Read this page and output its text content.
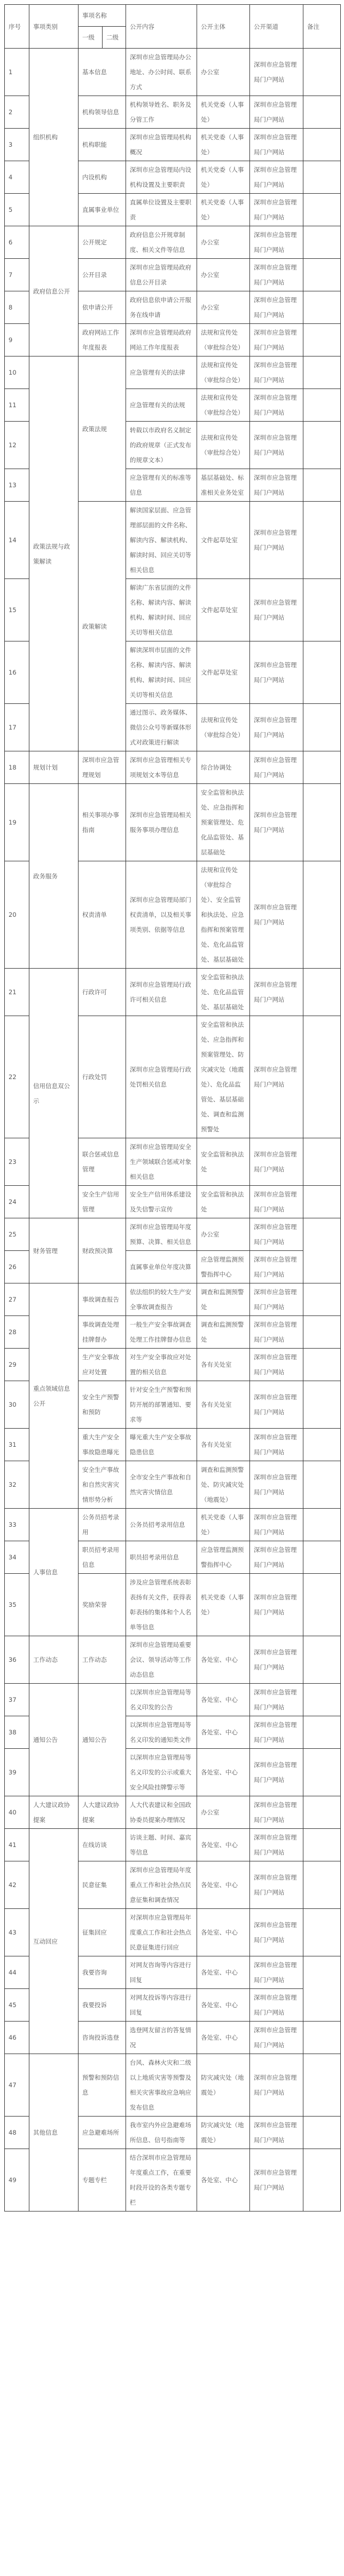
序号	事项类别	事项名称		公开内容	公开主体	公开渠道	备注
		一级	二级				
1	组织机构	基本信息		深圳市应急管理局办公地址、办公时间、联系方式	办公室	深圳市应急管理局门户网站	
2		机构领导信息		机构领导姓名、职务及分管工作	机关党委（人事处）	深圳市应急管理局门户网站	
3		机构职能		深圳市应急管理局机构概况	机关党委（人事处）	深圳市应急管理局门户网站	
4		内设机构		深圳市应急管理局内设机构设置及主要职责	机关党委（人事处）	深圳市应急管理局门户网站	
5		直属事业单位		直属单位设置及主要职责	机关党委（人事处）	深圳市应急管理局门户网站	
6	政府信息公开	公开规定		政府信息公开规章制度、相关文件等信息	办公室	深圳市应急管理局门户网站	
7		公开目录		深圳市应急管理局政府信息公开目录	办公室	深圳市应急管理局门户网站	
8		依申请公开		政府信息依申请公开服务在线申请	办公室	深圳市应急管理局门户网站	
9		政府网站工作年度报表		深圳市应急管理局政府网站工作年度报表	法规和宣传处（审批综合处）	深圳市应急管理局门户网站	
10	政策法规与政策解读	政策法规		应急管理有关的法律	法规和宣传处（审批综合处）	深圳市应急管理局门户网站	
11				应急管理有关的法规	法规和宣传处（审批综合处）	深圳市应急管理局门户网站	
12				转载以市政府名义制定的政府规章（正式发布的规章文本）	法规和宣传处（审批综合处）	深圳市应急管理局门户网站	
13				应急管理有关的标准等信息	基层基础处、标准相关业务处室	深圳市应急管理局门户网站	
14		政策解读		解读国家层面、应急管理部层面的文件名称、解读内容、解读机构、解读时间、回应关切等相关信息	文件起草处室	深圳市应急管理局门户网站	
15				解读广东省层面的文件名称、解读内容、解读机构、解读时间、回应关切等相关信息	文件起草处室	深圳市应急管理局门户网站	
16				解读深圳市层面的文件名称、解读内容、解读机构、解读时间、回应关切等相关信息	文件起草处室	深圳市应急管理局门户网站	
17				通过图示、政务媒体、微信公众号等新媒体形式对政策进行解读	法规和宣传处（审批综合处）	深圳市应急管理局门户网站	
18	规划计划	深圳市应急管理规划		深圳市应急管理相关专项规划文本等信息	综合协调处	深圳市应急管理局门户网站	
19	政务服务	相关事项办事指南		深圳市应急管理局相关服务事项办理信息	安全监管和执法处、应急指挥和预案管理处、危化品监管处、基层基础处	深圳市应急管理局门户网站	
20		权责清单		深圳市应急管理局部门权责清单，以及相关事项类别、依据等信息	法规和宣传处（审批综合处）、安全监管和执法处、应急指挥和预案管理处、危化品监管处、基层基础处	深圳市应急管理局门户网站	
21	信用信息双公示	行政许可		深圳市应急管理局行政许可相关信息	安全监管和执法处、危化品监管处、基层基础处	深圳市应急管理局门户网站	
22		行政处罚		深圳市应急管理局行政处罚相关信息	安全监管和执法处、应急指挥和预案管理处、防灾减灾处（地震处）、危化品监管处、基层基础处、调查和监测预警处	深圳市应急管理局门户网站	
23		联合惩戒信息管理		深圳市应急管理局安全生产领域联合惩戒对象相关信息	安全监管和执法处	深圳市应急管理局门户网站	
24		安全生产信用管理		安全生产信用体系建设及失信警示宣传	安全监管和执法处	深圳市应急管理局门户网站	
25	财务管理	财政预决算		深圳市应急管理局年度预算、决算、相关信息	办公室	深圳市应急管理局门户网站	
26				直属事业单位年度决算	应急管理监测预警指挥中心	深圳市应急管理局门户网站	
27	重点领域信息公开	事故调查报告		依法组织的较大生产安全事故调查报告	调查和监测预警处	深圳市应急管理局门户网站	
28		事故调查处理挂牌督办		一般生产安全事故调查处理工作挂牌督办信息	调查和监测预警处	深圳市应急管理局门户网站	
29		生产安全事故应对处置		对生产安全事故应对处置的相关信息	各有关处室	深圳市应急管理局门户网站	
30		安全生产预警和预防		针对安全生产预警和预防开展的部署通知、要求等	各有关处室	深圳市应急管理局门户网站	
31		重大生产安全事故隐患曝光		曝光重大生产安全事故隐患信息	各有关处室	深圳市应急管理局门户网站	
32		安全生产事故和自然灾害灾情形势分析		全市安全生产事故和自然灾害灾情信息	调查和监测预警处、防灾减灾处（地震处）	深圳市应急管理局门户网站	
33	人事信息	公务员招考录用		公务员招考录用信息	机关党委（人事处）	深圳市应急管理局门户网站	
34		职员招考录用信息		职员招考录用信息	应急管理监测预警指挥中心	深圳市应急管理局门户网站	
35		奖励荣誉		涉及应急管理系统表彰表扬有关文件，获得表彰表扬的集体和个人名单等信息	机关党委（人事处）	深圳市应急管理局门户网站	
36	工作动态	工作动态		深圳市应急管理局重要会议、领导活动等工作动态信息	各处室、中心	深圳市应急管理局门户网站	
37	通知公告	通知公告		以深圳市应急管理局等名义印发的公告	各处室、中心	深圳市应急管理局门户网站	
38				以深圳市应急管理局等名义印发的通知类文件	各处室、中心	深圳市应急管理局门户网站	
39				以深圳市应急管理局等名义印发的公示或重大安全风险挂牌警示等	各处室、中心	深圳市应急管理局门户网站	
40	人大建议政协提案	人大建议政协提案		人大代表建议和全国政协委员提案办理情况	办公室	深圳市应急管理局门户网站	
41	互动回应	在线访谈		访谈主题、时间、嘉宾等信息	各处室、中心	深圳市应急管理局门户网站	
42		民意征集		深圳市应急管理局年度重点工作和社会热点民意征集和调查情况	各处室、中心	深圳市应急管理局门户网站	
43		征集回应		对深圳市应急管理局年度重点工作和社会热点民意征集进行回应	各处室、中心	深圳市应急管理局门户网站	
44		我要咨询		对网友咨询等内容进行回复	各处室、中心	深圳市应急管理局门户网站	
45		我要投诉		对网友投诉等内容进行回复	各处室、中心	深圳市应急管理局门户网站	
46		咨询投诉选登		选登网友留言的答复情况	各处室、中心	深圳市应急管理局门户网站	
47	其他信息	预警和预防信息		台风、森林火灾和二级以上地质灾害等预警及相关灾害事故应急响应发布信息	防灾减灾处（地震处）	深圳市应急管理局门户网站	
48		应急避难场所		我市室内外应急避难场所信息、信号指南等	防灾减灾处（地震处）	深圳市应急管理局门户网站	
49		专题专栏		结合深圳市应急管理局年度重点工作，在重要时段开设的各类专题专栏	各处室、中心	深圳市应急管理局门户网站	
